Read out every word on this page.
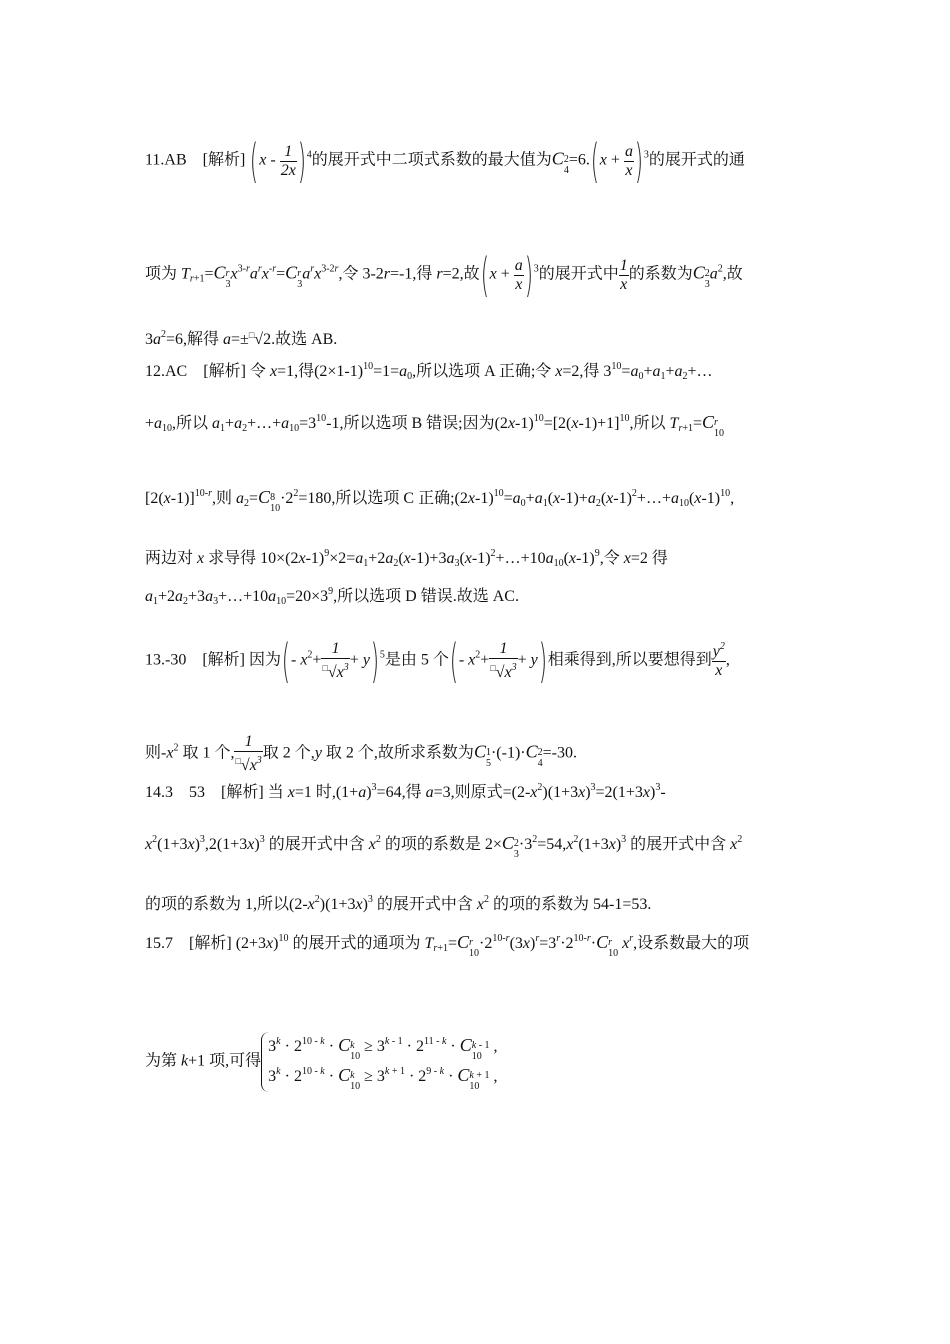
11.AB　 [解析] $(x - \frac{1}{2x} )^4$的展开式中二项式系数的最大值为C 2
4
$=6.(x + \frac{a}{x} )^3$的展开式的通
项为 $T_{r+1}=C$ r
3
$x^{3-r}a^rx^{-r}=C$ r
3
$a^rx^{3-2r}$,令 3-2r=-1,得 r=2,故$(x + \frac{a}{x} )^3$的展开式中 $\frac{1}{x}$ 的系数为C 2
3
$a^2$,故
$3a^2=6$,解得 a=±□√2.故选 AB.
12.AC　 [解析] 令 x=1,得$(2\times 1-1)^{10}=1=a_0$,所以选项 A 正确;令 x=2,得 $3^{10}=a_0+a_1+a_2+\dots$
$+a_{10}$,所以 $a_1+a_2+\dots+a_{10}=3^{10}-1$,所以选项 B 错误;因为$(2x-1)^{10}=[2(x-1)+1]^{10}$,所以 $T_{r+1}=C$ r
10
$[2(x-1)]^{10-r}$,则 $a_2=C$ 8
10
$\cdot 2^2=180$,所以选项 C 正确$;(2x-1)^{10}=a_0+a_1(x-1)+a_2(x-1)^2+\dots+a_{10}(x-1)^{10}$,
两边对 x 求导得 $10\times(2x-1)^9\times 2=a_1+2a_2(x-1)+3a_3(x-1)^2+\dots+10a_{10}(x-1)^9$,令 x=2 得
$a_1+2a_2+3a_3+\dots+10a_{10}=20\times 3^9$,所以选项 D 错误.故选 AC.
13.-30　 [解析] 因为(- $x^2+ \frac{1}{^□√x^3} + y)^5$是由 5 个(- $x^2+ \frac{1}{^□√x^3} + y$)相乘得到,所以要想得到 $\frac{y^2}{x}$ ,
则$-x^2$ 取 1 个, $\frac{1}{^□√x^3}$ 取 2 个,y 取 2 个,故所求系数为C 1
5
·(-1)·C 2
4
=-30.
14.3　53　 [解析] 当 x=1 时$,(1+a)^3=64$,得 a=3,则原式$=(2-x^2)(1+3x)^3=2(1+3x)^3-$
$x^2(1+3x)^3,2(1+3x)^3$ 的展开式中含 $x^2$ 的项的系数是 2×C 2
3
$\cdot 3^2=54,x^2(1+3x)^3$ 的展开式中含 $x^2$
的项的系数为 1,所以$(2-x^2)(1+3x)^3$ 的展开式中含 $x^2$ 的项的系数为 54-1=53.
15.7　 [解析] $(2+3x)^{10}$ 的展开式的通项为 $T_{r+1}=C$ r
10
$\cdot 2^{10-r}(3x)^r=3^r\cdot 2^{10-r}\cdot C$ r
10
$x^r$,设系数最大的项
为第 k+1 项,可得
$3^k \cdot 2^{10 - k} \cdot C$ k
10
≥ $3^{k - 1} \cdot 2^{11 - k} \cdot C$ k - 1
10
,
$3^k \cdot 2^{10 - k} \cdot C$ k
10
≥ $3^{k + 1} \cdot 2^{9 - k} \cdot C$ k + 1
10
,
